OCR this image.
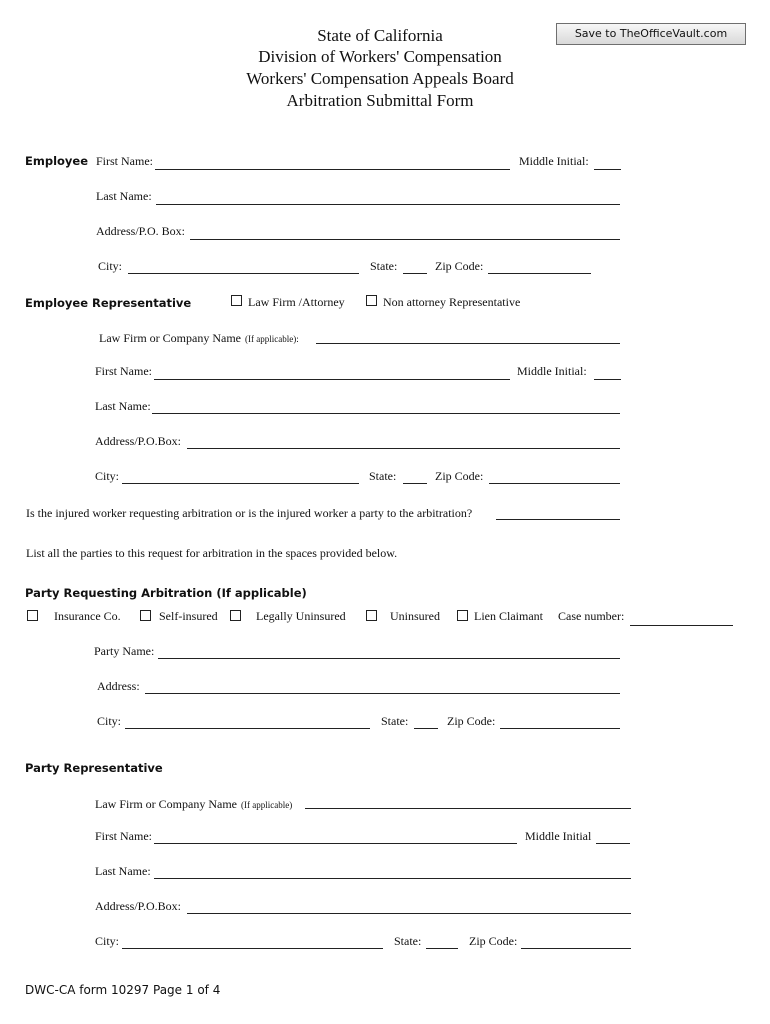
State of California
Division of Workers' Compensation
Workers' Compensation Appeals Board
Arbitration Submittal Form
Save to TheOfficeVault.com
Employee First Name:	Middle Initial:
Last Name:
Address/P.O. Box:
City:	State:	Zip Code:
Employee Representative	Law Firm /Attorney	Non attorney Representative
Law Firm or Company Name (If applicable):
First Name:	Middle Initial:
Last Name:
Address/P.O.Box:
City:	State:	Zip Code:
Is the injured worker requesting arbitration or is the injured worker a party to the arbitration?
List all the parties to this request for arbitration in the spaces provided below.
Party Requesting Arbitration (If applicable)
Insurance Co.	Self-insured	Legally Uninsured	Uninsured	Lien Claimant Case number:
Party Name:
Address:
City:	State:	Zip Code:
Party Representative
Law Firm or Company Name (If applicable)
First Name:	Middle Initial
Last Name:
Address/P.O.Box:
City:	State:	Zip Code:
DWC-CA form 10297 Page 1 of 4
